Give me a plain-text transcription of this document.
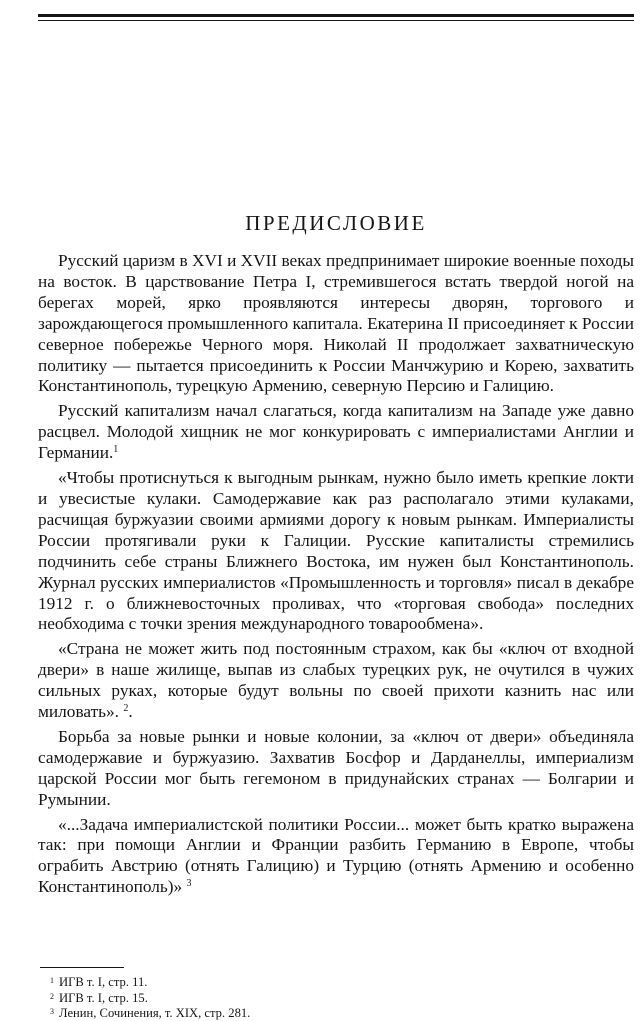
ПРЕДИСЛОВИЕ

Русский царизм в XVI и XVII веках предпринимает широкие военные походы на восток. В царствование Петра I, стремившегося встать твердой ногой на берегах морей, ярко проявляются интересы дворян, торгового и зарождающегося промышленного капитала. Екатерина II присоединяет к России северное побережье Черного моря. Николай II продолжает захватническую политику — пытается присоединить к России Манчжурию и Корею, захватить Константинополь, турецкую Армению, северную Персию и Галицию.

Русский капитализм начал слагаться, когда капитализм на Западе уже давно расцвел. Молодой хищник не мог конкурировать с империалистами Англии и Германии.$^1$

«Чтобы протиснуться к выгодным рынкам, нужно было иметь крепкие локти и увесистые кулаки. Самодержавие как раз располагало этими кулаками, расчищая буржуазии своими армиями дорогу к новым рынкам. Империалисты России протягивали руки к Галиции. Русские капиталисты стремились подчинить себе страны Ближнего Востока, им нужен был Константинополь. Журнал русских империалистов «Промышленность и торговля» писал в декабре 1912 г. о ближневосточных проливах, что «торговая свобода» последних необходима с точки зрения международного товарообмена».

«Страна не может жить под постоянным страхом, как бы «ключ от входной двери» в наше жилище, выпав из слабых турецких рук, не очутился в чужих сильных руках, которые будут вольны по своей прихоти казнить нас или миловать». $^2$.

Борьба за новые рынки и новые колонии, за «ключ от двери» объединяла самодержавие и буржуазию. Захватив Босфор и Дарданеллы, империализм царской России мог быть гегемоном в придунайских странах — Болгарии и Румынии.

«...Задача империалистской политики России... может быть кратко выражена так: при помощи Англии и Франции разбить Германию в Европе, чтобы ограбить Австрию (отнять Галицию) и Турцию (отнять Армению и особенно Константинополь)» $^3$

$^1$ ИГВ т. I, стр. 11.
$^2$ ИГВ т. I, стр. 15.
$^3$ Ленин, Сочинения, т. XIX, стр. 281.
